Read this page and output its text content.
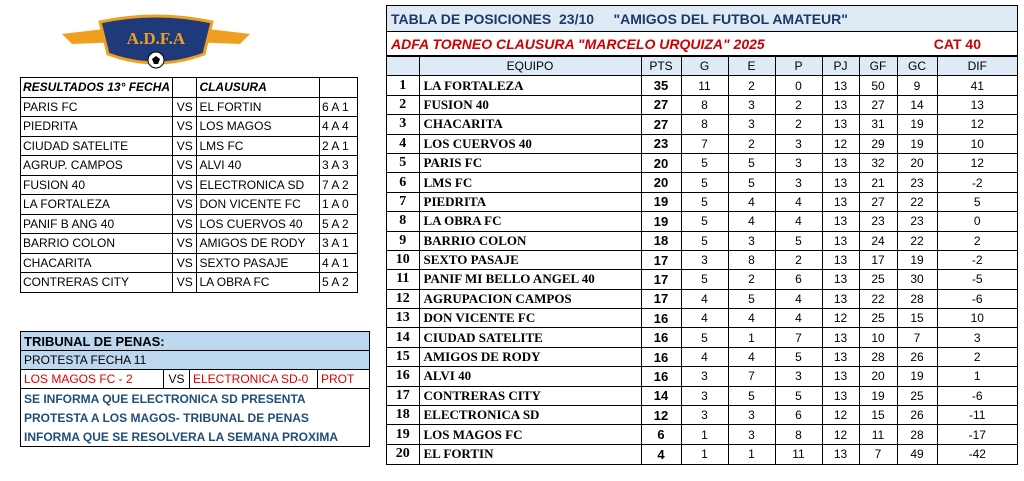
A.D.F.A
RESULTADOS 13° FECHA		CLAUSURA	
PARIS FC	VS	EL FORTIN	6 A 1
PIEDRITA	VS	LOS MAGOS	4 A 4
CIUDAD SATELITE	VS	LMS FC	2 A 1
AGRUP. CAMPOS	VS	ALVI 40	3 A 3
FUSION 40	VS	ELECTRONICA SD	7 A 2
LA FORTALEZA	VS	DON VICENTE FC	1 A 0
PANIF B ANG 40	VS	LOS CUERVOS 40	5 A 2
BARRIO COLON	VS	AMIGOS DE RODY	3 A 1
CHACARITA	VS	SEXTO PASAJE	4 A 1
CONTRERAS CITY	VS	LA OBRA FC	5 A 2
TRIBUNAL DE PENAS:
PROTESTA FECHA 11
LOS MAGOS FC - 2	VS ELECTRONICA SD-0	PROT
SE INFORMA QUE ELECTRONICA SD PRESENTA
PROTESTA A LOS MAGOS- TRIBUNAL DE PENAS
INFORMA QUE SE RESOLVERA LA SEMANA PROXIMA
TABLA DE POSICIONES  23/10     "AMIGOS DEL FUTBOL AMATEUR"
ADFA TORNEO CLAUSURA "MARCELO URQUIZA" 2025	CAT 40
	EQUIPO	PTS	G	E	P	PJ	GF	GC	DIF
1	LA FORTALEZA	35	11	2	0	13	50	9	41
2	FUSION 40	27	8	3	2	13	27	14	13
3	CHACARITA	27	8	3	2	13	31	19	12
4	LOS CUERVOS 40	23	7	2	3	12	29	19	10
5	PARIS FC	20	5	5	3	13	32	20	12
6	LMS FC	20	5	5	3	13	21	23	-2
7	PIEDRITA	19	5	4	4	13	27	22	5
8	LA OBRA FC	19	5	4	4	13	23	23	0
9	BARRIO COLON	18	5	3	5	13	24	22	2
10	SEXTO PASAJE	17	3	8	2	13	17	19	-2
11	PANIF MI BELLO ANGEL 40	17	5	2	6	13	25	30	-5
12	AGRUPACION CAMPOS	17	4	5	4	13	22	28	-6
13	DON VICENTE FC	16	4	4	4	12	25	15	10
14	CIUDAD SATELITE	16	5	1	7	13	10	7	3
15	AMIGOS DE RODY	16	4	4	5	13	28	26	2
16	ALVI 40	16	3	7	3	13	20	19	1
17	CONTRERAS CITY	14	3	5	5	13	19	25	-6
18	ELECTRONICA SD	12	3	3	6	12	15	26	-11
19	LOS MAGOS FC	6	1	3	8	12	11	28	-17
20	EL FORTIN	4	1	1	11	13	7	49	-42
